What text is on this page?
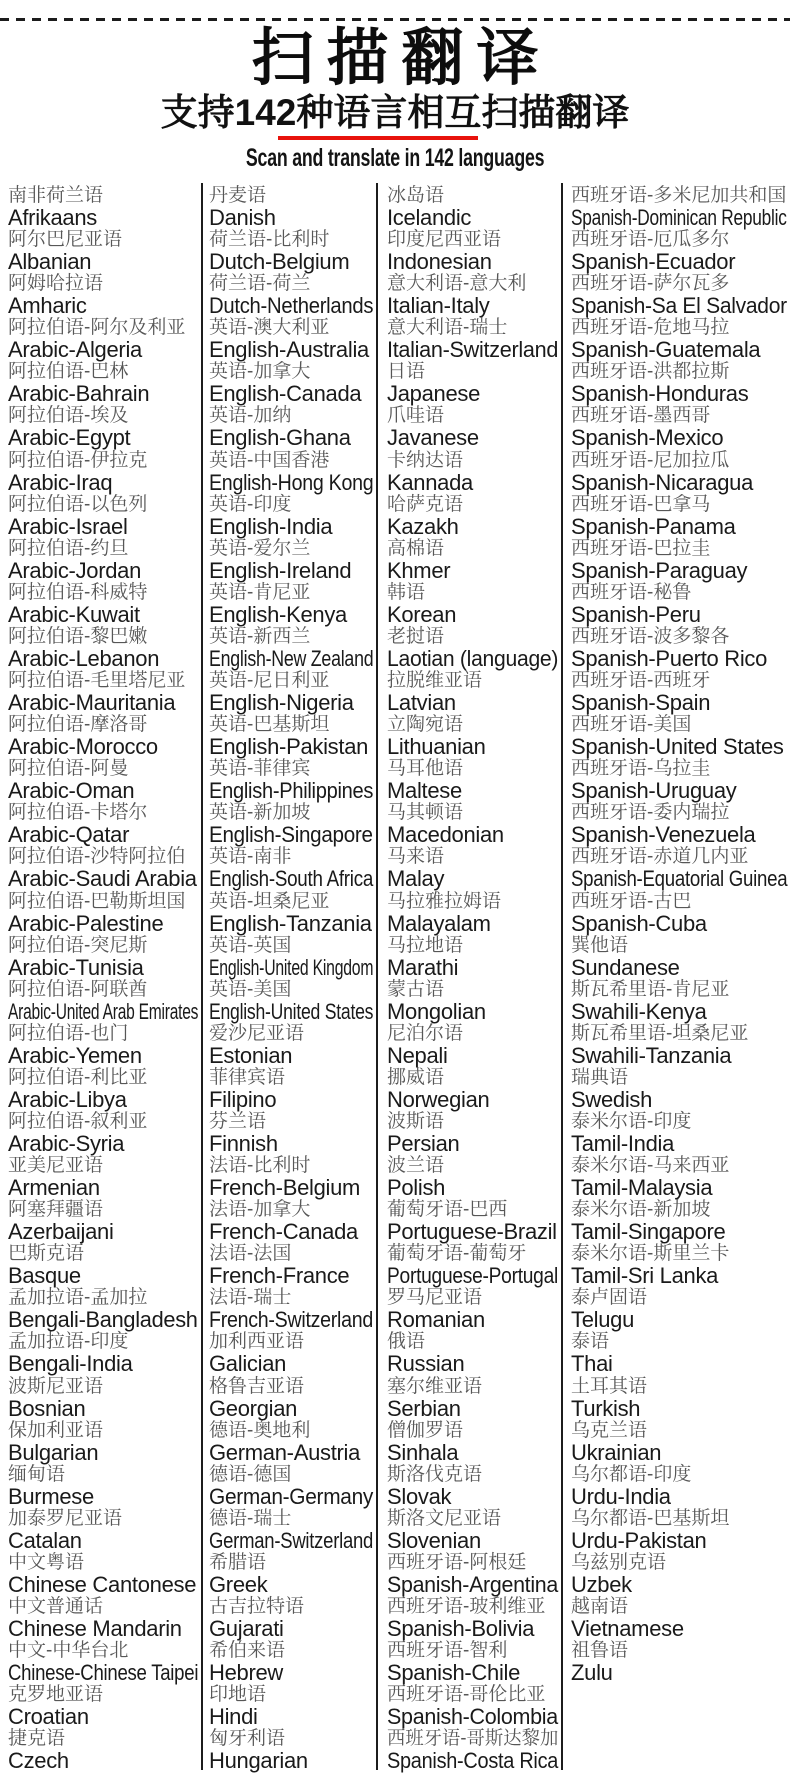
扫描翻译
支持142种语言相互扫描翻译
Scan and translate in 142 languages
南非荷兰语
Afrikaans
阿尔巴尼亚语
Albanian
阿姆哈拉语
Amharic
阿拉伯语-阿尔及利亚
Arabic-Algeria
阿拉伯语-巴林
Arabic-Bahrain
阿拉伯语-埃及
Arabic-Egypt
阿拉伯语-伊拉克
Arabic-Iraq
阿拉伯语-以色列
Arabic-Israel
阿拉伯语-约旦
Arabic-Jordan
阿拉伯语-科威特
Arabic-Kuwait
阿拉伯语-黎巴嫩
Arabic-Lebanon
阿拉伯语-毛里塔尼亚
Arabic-Mauritania
阿拉伯语-摩洛哥
Arabic-Morocco
阿拉伯语-阿曼
Arabic-Oman
阿拉伯语-卡塔尔
Arabic-Qatar
阿拉伯语-沙特阿拉伯
Arabic-Saudi Arabia
阿拉伯语-巴勒斯坦国
Arabic-Palestine
阿拉伯语-突尼斯
Arabic-Tunisia
阿拉伯语-阿联酋
Arabic-United Arab Emirates
阿拉伯语-也门
Arabic-Yemen
阿拉伯语-利比亚
Arabic-Libya
阿拉伯语-叙利亚
Arabic-Syria
亚美尼亚语
Armenian
阿塞拜疆语
Azerbaijani
巴斯克语
Basque
孟加拉语-孟加拉
Bengali-Bangladesh
孟加拉语-印度
Bengali-India
波斯尼亚语
Bosnian
保加利亚语
Bulgarian
缅甸语
Burmese
加泰罗尼亚语
Catalan
中文粤语
Chinese Cantonese
中文普通话
Chinese Mandarin
中文-中华台北
Chinese-Chinese Taipei
克罗地亚语
Croatian
捷克语
Czech
丹麦语
Danish
荷兰语-比利时
Dutch-Belgium
荷兰语-荷兰
Dutch-Netherlands
英语-澳大利亚
English-Australia
英语-加拿大
English-Canada
英语-加纳
English-Ghana
英语-中国香港
English-Hong Kong
英语-印度
English-India
英语-爱尔兰
English-Ireland
英语-肯尼亚
English-Kenya
英语-新西兰
English-New Zealand
英语-尼日利亚
English-Nigeria
英语-巴基斯坦
English-Pakistan
英语-菲律宾
English-Philippines
英语-新加坡
English-Singapore
英语-南非
English-South Africa
英语-坦桑尼亚
English-Tanzania
英语-英国
English-United Kingdom
英语-美国
English-United States
爱沙尼亚语
Estonian
菲律宾语
Filipino
芬兰语
Finnish
法语-比利时
French-Belgium
法语-加拿大
French-Canada
法语-法国
French-France
法语-瑞士
French-Switzerland
加利西亚语
Galician
格鲁吉亚语
Georgian
德语-奥地利
German-Austria
德语-德国
German-Germany
德语-瑞士
German-Switzerland
希腊语
Greek
古吉拉特语
Gujarati
希伯来语
Hebrew
印地语
Hindi
匈牙利语
Hungarian
冰岛语
Icelandic
印度尼西亚语
Indonesian
意大利语-意大利
Italian-Italy
意大利语-瑞士
Italian-Switzerland
日语
Japanese
爪哇语
Javanese
卡纳达语
Kannada
哈萨克语
Kazakh
高棉语
Khmer
韩语
Korean
老挝语
Laotian (language)
拉脱维亚语
Latvian
立陶宛语
Lithuanian
马耳他语
Maltese
马其顿语
Macedonian
马来语
Malay
马拉雅拉姆语
Malayalam
马拉地语
Marathi
蒙古语
Mongolian
尼泊尔语
Nepali
挪威语
Norwegian
波斯语
Persian
波兰语
Polish
葡萄牙语-巴西
Portuguese-Brazil
葡萄牙语-葡萄牙
Portuguese-Portugal
罗马尼亚语
Romanian
俄语
Russian
塞尔维亚语
Serbian
僧伽罗语
Sinhala
斯洛伐克语
Slovak
斯洛文尼亚语
Slovenian
西班牙语-阿根廷
Spanish-Argentina
西班牙语-玻利维亚
Spanish-Bolivia
西班牙语-智利
Spanish-Chile
西班牙语-哥伦比亚
Spanish-Colombia
西班牙语-哥斯达黎加
Spanish-Costa Rica
西班牙语-多米尼加共和国
Spanish-Dominican Republic
西班牙语-厄瓜多尔
Spanish-Ecuador
西班牙语-萨尔瓦多
Spanish-Sa El Salvador
西班牙语-危地马拉
Spanish-Guatemala
西班牙语-洪都拉斯
Spanish-Honduras
西班牙语-墨西哥
Spanish-Mexico
西班牙语-尼加拉瓜
Spanish-Nicaragua
西班牙语-巴拿马
Spanish-Panama
西班牙语-巴拉圭
Spanish-Paraguay
西班牙语-秘鲁
Spanish-Peru
西班牙语-波多黎各
Spanish-Puerto Rico
西班牙语-西班牙
Spanish-Spain
西班牙语-美国
Spanish-United States
西班牙语-乌拉圭
Spanish-Uruguay
西班牙语-委内瑞拉
Spanish-Venezuela
西班牙语-赤道几内亚
Spanish-Equatorial Guinea
西班牙语-古巴
Spanish-Cuba
巽他语
Sundanese
斯瓦希里语-肯尼亚
Swahili-Kenya
斯瓦希里语-坦桑尼亚
Swahili-Tanzania
瑞典语
Swedish
泰米尔语-印度
Tamil-India
泰米尔语-马来西亚
Tamil-Malaysia
泰米尔语-新加坡
Tamil-Singapore
泰米尔语-斯里兰卡
Tamil-Sri Lanka
泰卢固语
Telugu
泰语
Thai
土耳其语
Turkish
乌克兰语
Ukrainian
乌尔都语-印度
Urdu-India
乌尔都语-巴基斯坦
Urdu-Pakistan
乌兹别克语
Uzbek
越南语
Vietnamese
祖鲁语
Zulu
